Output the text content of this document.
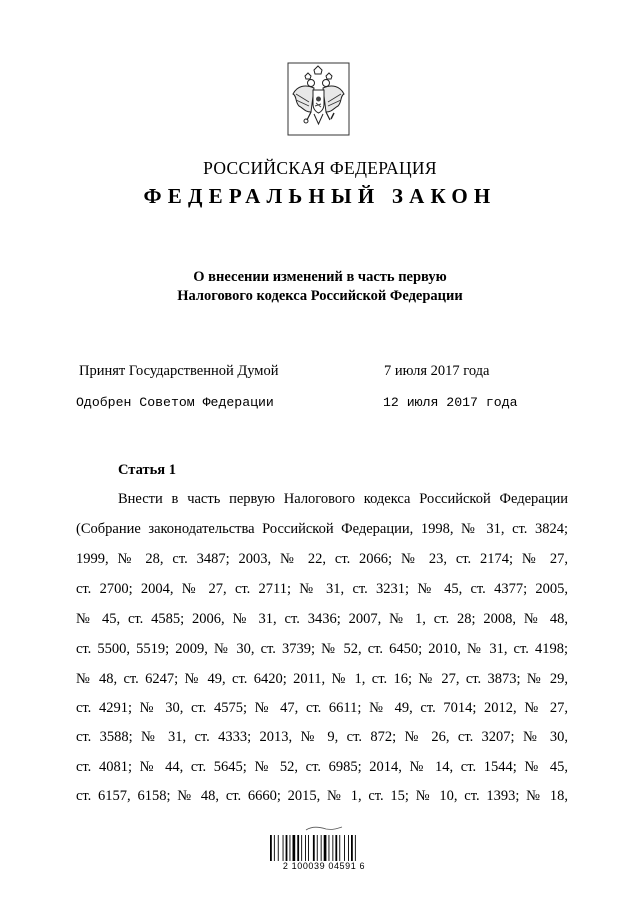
РОССИЙСКАЯ ФЕДЕРАЦИЯ
ФЕДЕРАЛЬНЫЙ ЗАКОН
О внесении изменений в часть первую
Налогового кодекса Российской Федерации
Принят Государственной Думой	7 июля 2017 года
Одобрен Советом Федерации	12 июля 2017 года
Статья 1
Внести в часть первую Налогового кодекса Российской Федерации
(Собрание законодательства Российской Федерации, 1998, № 31, ст. 3824;
1999, № 28, ст. 3487; 2003, № 22, ст. 2066; № 23, ст. 2174; № 27,
ст. 2700; 2004, № 27, ст. 2711; № 31, ст. 3231; № 45, ст. 4377; 2005,
№ 45, ст. 4585; 2006, № 31, ст. 3436; 2007, № 1, ст. 28; 2008, № 48,
ст. 5500, 5519; 2009, № 30, ст. 3739; № 52, ст. 6450; 2010, № 31, ст. 4198;
№ 48, ст. 6247; № 49, ст. 6420; 2011, № 1, ст. 16; № 27, ст. 3873; № 29,
ст. 4291; № 30, ст. 4575; № 47, ст. 6611; № 49, ст. 7014; 2012, № 27,
ст. 3588; № 31, ст. 4333; 2013, № 9, ст. 872; № 26, ст. 3207; № 30,
ст. 4081; № 44, ст. 5645; № 52, ст. 6985; 2014, № 14, ст. 1544; № 45,
ст. 6157, 6158; № 48, ст. 6660; 2015, № 1, ст. 15; № 10, ст. 1393; № 18,
2 100039 04591 6
